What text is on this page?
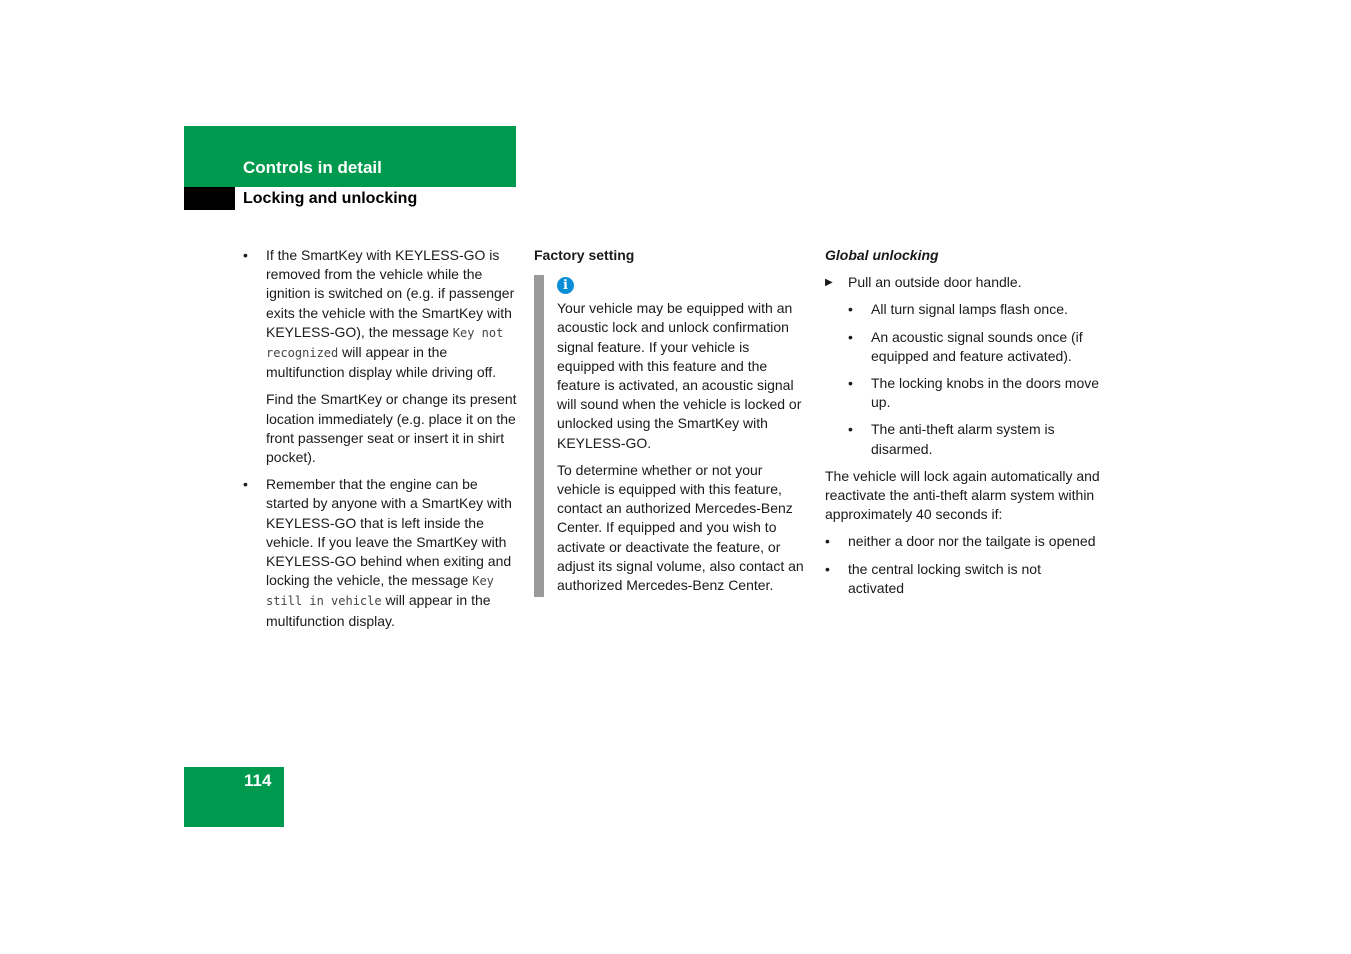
Controls in detail
Locking and unlocking
• If the SmartKey with KEYLESS-GO is removed from the vehicle while the ignition is switched on (e.g. if passenger exits the vehicle with the SmartKey with KEYLESS-GO), the message Key not recognized will appear in the multifunction display while driving off.
Find the SmartKey or change its present location immediately (e.g. place it on the front passenger seat or insert it in shirt pocket).
• Remember that the engine can be started by anyone with a SmartKey with KEYLESS-GO that is left inside the vehicle. If you leave the SmartKey with KEYLESS-GO behind when exiting and locking the vehicle, the message Key still in vehicle will appear in the multifunction display.
Factory setting
i

Your vehicle may be equipped with an acoustic lock and unlock confirmation signal feature. If your vehicle is equipped with this feature and the feature is activated, an acoustic signal will sound when the vehicle is locked or unlocked using the SmartKey with KEYLESS-GO.

To determine whether or not your vehicle is equipped with this feature, contact an authorized Mercedes-Benz Center. If equipped and you wish to activate or deactivate the feature, or adjust its signal volume, also contact an authorized Mercedes-Benz Center.

Global unlocking
▶ Pull an outside door handle.
• All turn signal lamps flash once.
• An acoustic signal sounds once (if equipped and feature activated).
• The locking knobs in the doors move up.
• The anti-theft alarm system is disarmed.
The vehicle will lock again automatically and reactivate the anti-theft alarm system within approximately 40 seconds if:
• neither a door nor the tailgate is opened
• the central locking switch is not activated
114
